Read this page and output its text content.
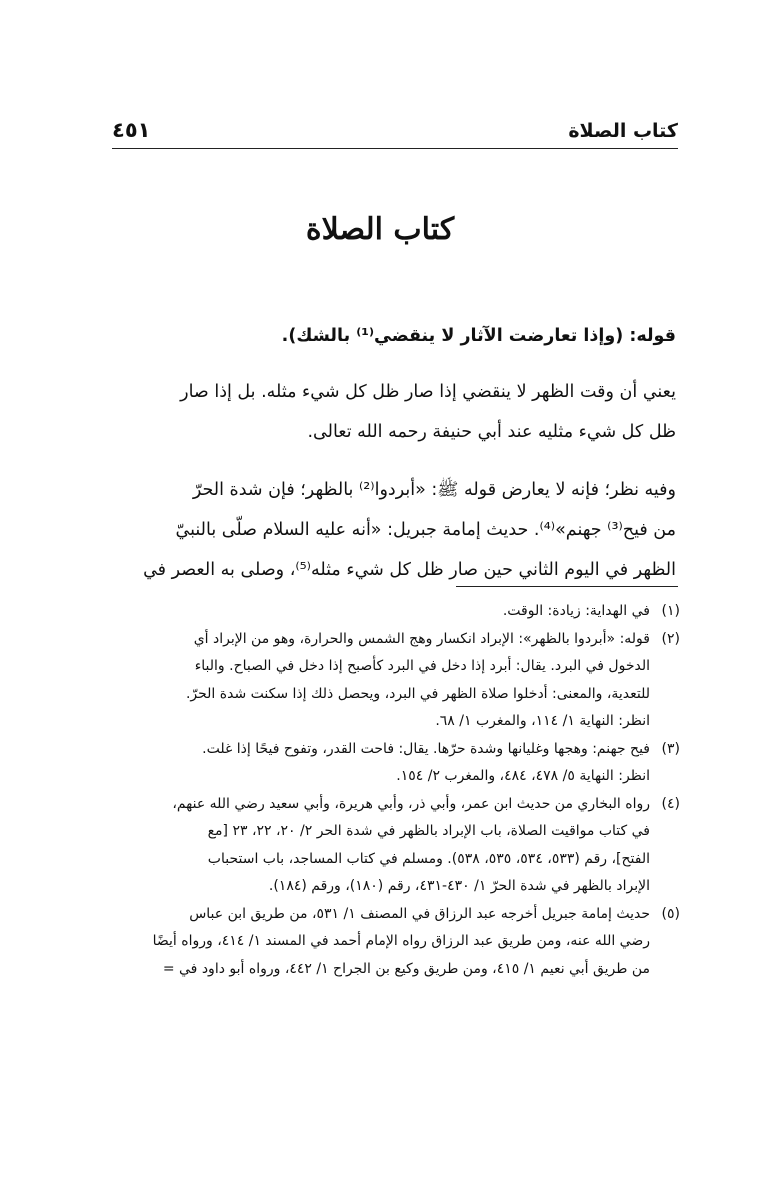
كتاب الصلاة
٤٥١
كتاب الصلاة

قوله: (وإذا تعارضت الآثار لا ينقضي⁽¹⁾ بالشك).

يعني أن وقت الظهر لا ينقضي إذا صار ظل كل شيء مثله. بل إذا صار
ظل كل شيء مثليه عند أبي حنيفة رحمه الله تعالى.

وفيه نظر؛ فإنه لا يعارض قوله ﷺ: «أبردوا⁽²⁾ بالظهر؛ فإن شدة الحرّ
من فيح⁽³⁾ جهنم»⁽⁴⁾. حديث إمامة جبريل: «أنه عليه السلام صلّى بالنبيّ
الظهر في اليوم الثاني حين صار ظل كل شيء مثله⁽⁵⁾، وصلى به العصر في

(١)
في الهداية: زيادة: الوقت.
(٢)
قوله: «أبردوا بالظهر»: الإبراد انكسار وهج الشمس والحرارة، وهو من الإبراد أي
الدخول في البرد. يقال: أبرد إذا دخل في البرد كأصبح إذا دخل في الصباح. والباء
للتعدية، والمعنى: أدخلوا صلاة الظهر في البرد، ويحصل ذلك إذا سكنت شدة الحرّ.
انظر: النهاية ١/ ١١٤، والمغرب ١/ ٦٨.
(٣)
فيح جهنم: وهجها وغليانها وشدة حرّها. يقال: فاحت القدر، وتفوح فيحًا إذا غلت.
انظر: النهاية ٥/ ٤٧٨، ٤٨٤، والمغرب ٢/ ١٥٤.
(٤)
رواه البخاري من حديث ابن عمر، وأبي ذر، وأبي هريرة، وأبي سعيد رضي الله عنهم،
في كتاب مواقيت الصلاة، باب الإبراد بالظهر في شدة الحر ٢/ ٢٠، ٢٢، ٢٣ [مع
الفتح]، رقم (٥٣٣، ٥٣٤، ٥٣٥، ٥٣٨). ومسلم في كتاب المساجد، باب استحباب
الإبراد بالظهر في شدة الحرّ ١/ ٤٣٠-٤٣١، رقم (١٨٠)، ورقم (١٨٤).
(٥)
حديث إمامة جبريل أخرجه عبد الرزاق في المصنف ١/ ٥٣١، من طريق ابن عباس
رضي الله عنه، ومن طريق عبد الرزاق رواه الإمام أحمد في المسند ١/ ٤١٤، ورواه أيضًا
من طريق أبي نعيم ١/ ٤١٥، ومن طريق وكيع بن الجراح ١/ ٤٤٢، ورواه أبو داود في =
